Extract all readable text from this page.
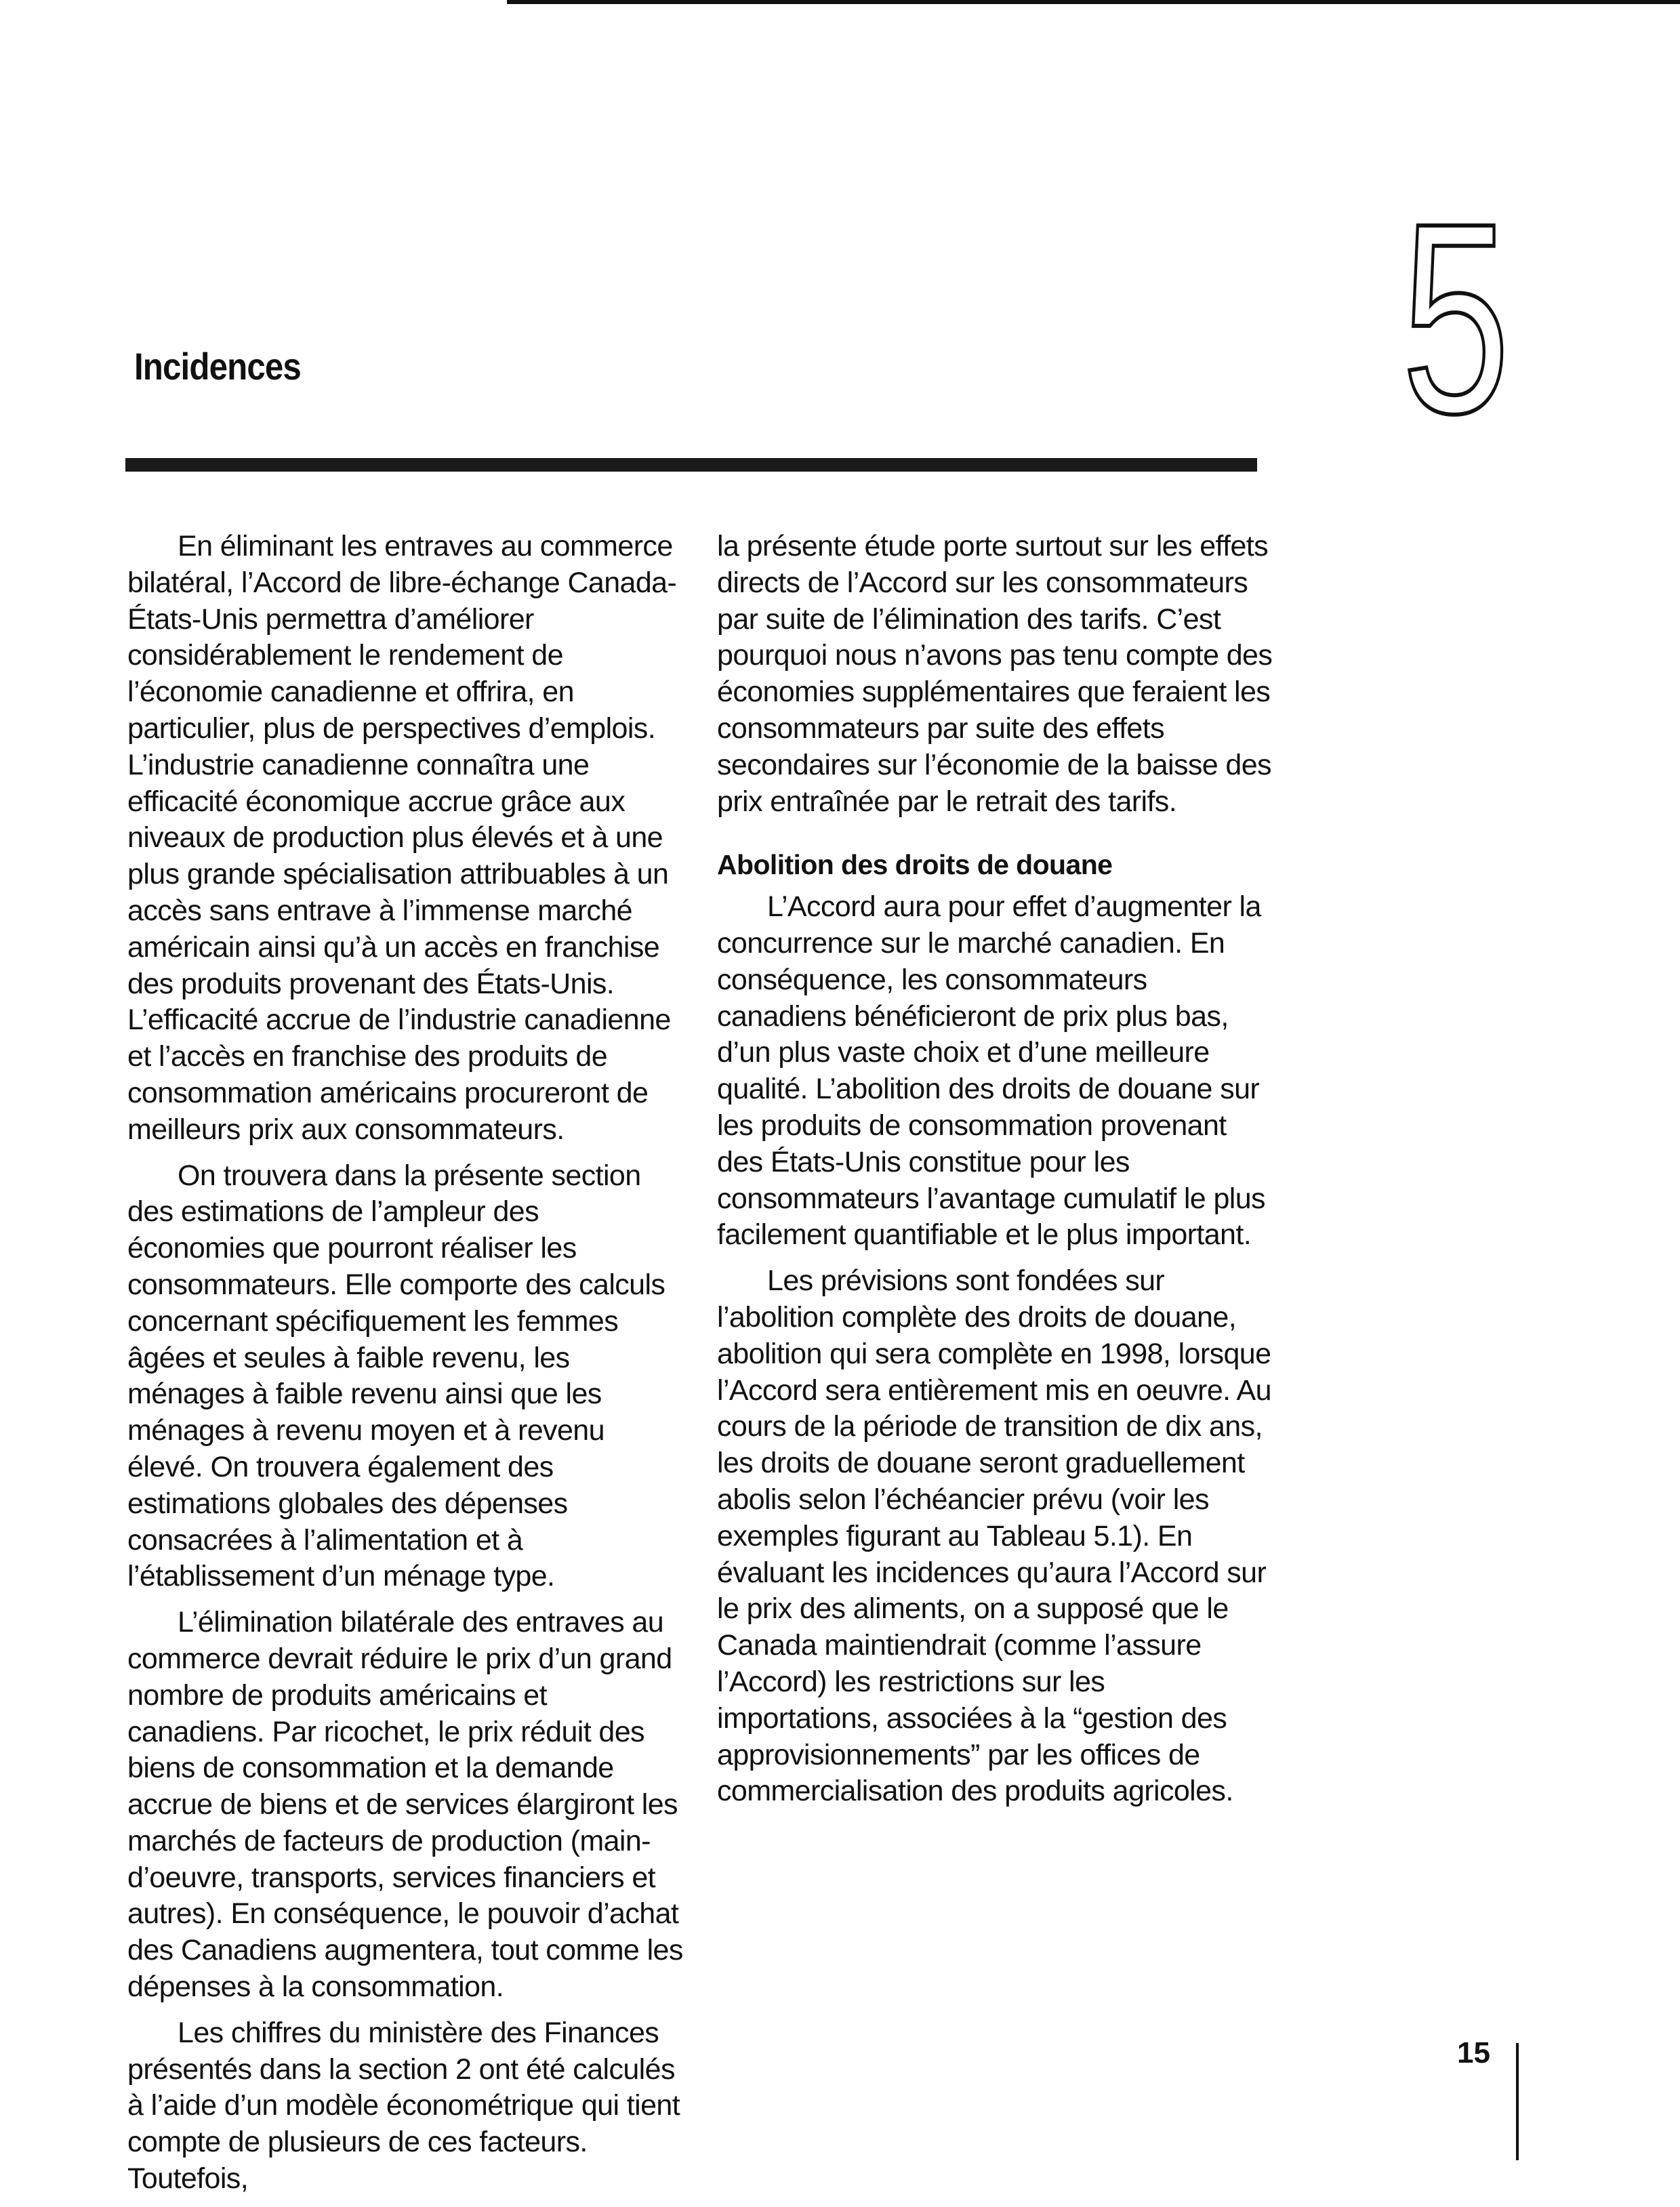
Incidences	5

En éliminant les entraves au commerce bilatéral, l’Accord de libre-échange Canada-États-Unis permettra d’améliorer considérablement le rendement de l’économie canadienne et offrira, en particulier, plus de perspectives d’emplois. L’industrie canadienne connaîtra une efficacité économique accrue grâce aux niveaux de production plus élevés et à une plus grande spécialisation attribuables à un accès sans entrave à l’immense marché américain ainsi qu’à un accès en franchise des produits provenant des États-Unis. L’efficacité accrue de l’industrie canadienne et l’accès en franchise des produits de consommation américains procureront de meilleurs prix aux consommateurs.

On trouvera dans la présente section des estimations de l’ampleur des économies que pourront réaliser les consommateurs. Elle comporte des calculs concernant spécifiquement les femmes âgées et seules à faible revenu, les ménages à faible revenu ainsi que les ménages à revenu moyen et à revenu élevé. On trouvera également des estimations globales des dépenses consacrées à l’alimentation et à l’établissement d’un ménage type.

L’élimination bilatérale des entraves au commerce devrait réduire le prix d’un grand nombre de produits américains et canadiens. Par ricochet, le prix réduit des biens de consommation et la demande accrue de biens et de services élargiront les marchés de facteurs de production (main-d’oeuvre, transports, services financiers et autres). En conséquence, le pouvoir d’achat des Canadiens augmentera, tout comme les dépenses à la consommation.

Les chiffres du ministère des Finances présentés dans la section 2 ont été calculés à l’aide d’un modèle économétrique qui tient compte de plusieurs de ces facteurs. Toutefois,

la présente étude porte surtout sur les effets directs de l’Accord sur les consommateurs par suite de l’élimination des tarifs. C’est pourquoi nous n’avons pas tenu compte des économies supplémentaires que feraient les consommateurs par suite des effets secondaires sur l’économie de la baisse des prix entraînée par le retrait des tarifs.

Abolition des droits de douane

L’Accord aura pour effet d’augmenter la concurrence sur le marché canadien. En conséquence, les consommateurs canadiens bénéficieront de prix plus bas, d’un plus vaste choix et d’une meilleure qualité. L’abolition des droits de douane sur les produits de consommation provenant des États-Unis constitue pour les consommateurs l’avantage cumulatif le plus facilement quantifiable et le plus important.

Les prévisions sont fondées sur l’abolition complète des droits de douane, abolition qui sera complète en 1998, lorsque l’Accord sera entièrement mis en oeuvre. Au cours de la période de transition de dix ans, les droits de douane seront graduellement abolis selon l’échéancier prévu (voir les exemples figurant au Tableau 5.1). En évaluant les incidences qu’aura l’Accord sur le prix des aliments, on a supposé que le Canada maintiendrait (comme l’assure l’Accord) les restrictions sur les importations, associées à la “gestion des approvisionnements” par les offices de commercialisation des produits agricoles.

15
